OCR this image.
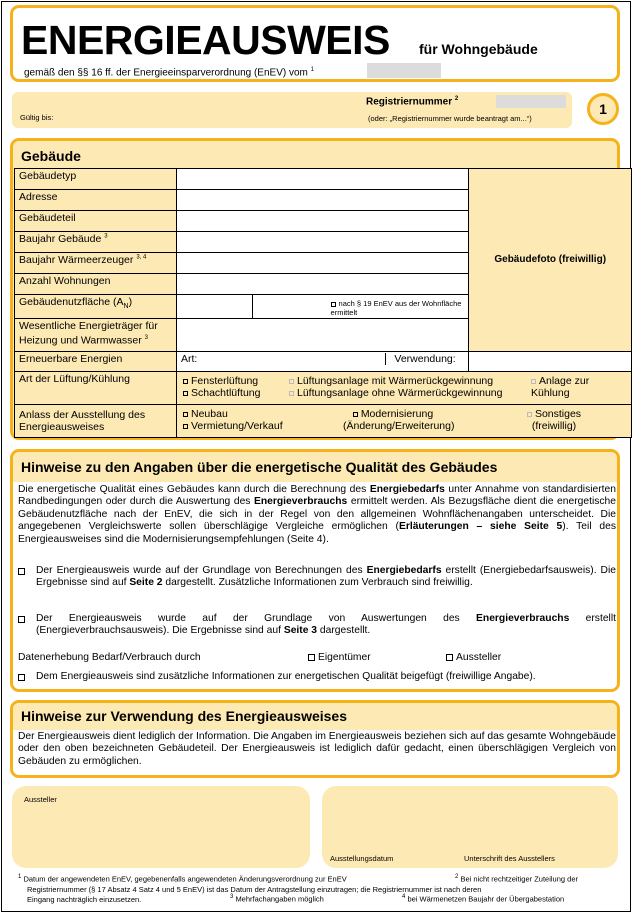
ENERGIEAUSWEIS für Wohngebäude
gemäß den §§ 16 ff. der Energieeinsparverordnung (EnEV) vom $^1$
Registriernummer $^2$
(oder: „Registriernummer wurde beantragt am...“)
Gültig bis:
1
Gebäude
Gebäudetyp			Gebäudefoto (freiwillig)

Adresse			
Gebäudeteil			
Baujahr Gebäude $^3$	
Baujahr Wärmeerzeuger $^{3, 4}$	
Anzahl Wohnungen			
Gebäudenutzfläche $(A_N)$		nach § 19 EnEV aus der Wohnfläche ermittelt	
Wesentliche Energieträger für Heizung und Warmwasser $^3$	
Erneuerbare Energien	Art:		Verwendung:

Art der Lüftung/Kühlung	Fensterlüftung
Schachtlüftung
Lüftungsanlage mit Wärmerückgewinnung
Lüftungsanlage ohne Wärmerückgewinnung
Anlage zur Kühlung		

Anlass der Ausstellung des Energieausweises	Neubau
Vermietung/Verkauf
Modernisierung (Änderung/Erweiterung)
Sonstiges (freiwillig)		
Hinweise zu den Angaben über die energetische Qualität des Gebäudes
Die energetische Qualität eines Gebäudes kann durch die Berechnung des Energiebedarfs unter Annahme von standardisierten Randbedingungen oder durch die Auswertung des Energieverbrauchs ermittelt werden. Als Bezugsfläche dient die energetische Gebäudenutzfläche nach der EnEV, die sich in der Regel von den allgemeinen Wohnflächenangaben unterscheidet. Die angegebenen Vergleichswerte sollen überschlägige Vergleiche ermöglichen (Erläuterungen – siehe Seite 5). Teil des Energieausweises sind die Modernisierungsempfehlungen (Seite 4).
Der Energieausweis wurde auf der Grundlage von Berechnungen des Energiebedarfs erstellt (Energiebedarfsausweis). Die Ergebnisse sind auf Seite 2 dargestellt. Zusätzliche Informationen zum Verbrauch sind freiwillig.
Der Energieausweis wurde auf der Grundlage von Auswertungen des Energieverbrauchs erstellt (Energieverbrauchsausweis). Die Ergebnisse sind auf Seite 3 dargestellt.
Datenerhebung Bedarf/Verbrauch durch	Eigentümer	Aussteller
Dem Energieausweis sind zusätzliche Informationen zur energetischen Qualität beigefügt (freiwillige Angabe).
Hinweise zur Verwendung des Energieausweises
Der Energieausweis dient lediglich der Information. Die Angaben im Energieausweis beziehen sich auf das gesamte Wohngebäude oder den oben bezeichneten Gebäudeteil. Der Energieausweis ist lediglich dafür gedacht, einen überschlägigen Vergleich von Gebäuden zu ermöglichen.
Aussteller
Ausstellungsdatum	Unterschrift des Ausstellers
$^1$ Datum der angewendeten EnEV, gegebenenfalls angewendeten Änderungsverordnung zur EnEV
Registriernummer (§ 17 Absatz 4 Satz 4 und 5 EnEV) ist das Datum der Antragstellung einzutragen; die Registriernummer ist nach deren
Eingang nachträglich einzusetzen.
$^2$ Bei nicht rechtzeitiger Zuteilung der
$^3$ Mehrfachangaben möglich	$^4$ bei Wärmenetzen Baujahr der Übergabestation
